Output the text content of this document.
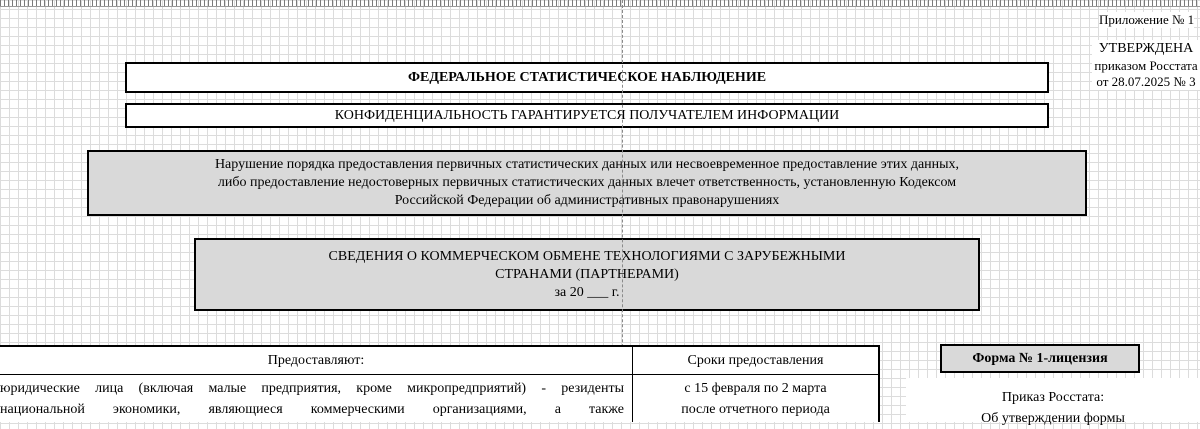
Приложение № 1
УТВЕРЖДЕНА
приказом Росстата
от 28.07.2025 № 3
ФЕДЕРАЛЬНОЕ СТАТИСТИЧЕСКОЕ НАБЛЮДЕНИЕ
КОНФИДЕНЦИАЛЬНОСТЬ ГАРАНТИРУЕТСЯ ПОЛУЧАТЕЛЕМ ИНФОРМАЦИИ
Нарушение порядка предоставления первичных статистических данных или несвоевременное предоставление этих данных,
либо предоставление недостоверных первичных статистических данных влечет ответственность, установленную Кодексом
Российской Федерации об административных правонарушениях
СВЕДЕНИЯ О КОММЕРЧЕСКОМ ОБМЕНЕ ТЕХНОЛОГИЯМИ С ЗАРУБЕЖНЫМИ
СТРАНАМИ (ПАРТНЕРАМИ)
за 20 ___ г.
Предоставляют:	Сроки предоставления
юридические лица (включая малые предприятия, кроме микропредприятий) - резиденты
национальной экономики, являющиеся коммерческими организациями, а также
с 15 февраля по 2 марта
после отчетного периода
Форма № 1-лицензия
Приказ Росстата:
Об утверждении формы
